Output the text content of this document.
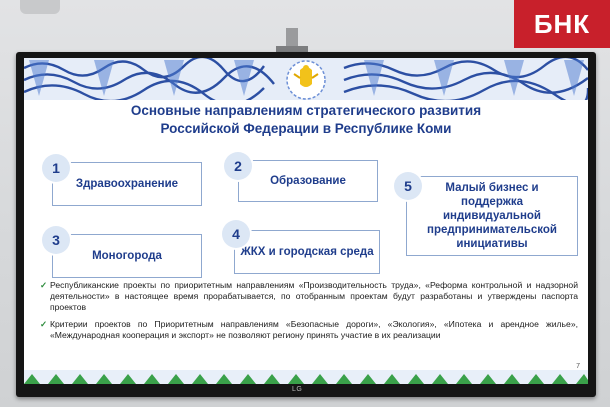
БНК
Основные направлениям стратегического развития
Российской Федерации в Республике Коми
Здравоохранение
1
Образование
2
Моногорода
3
ЖКХ и городская среда
4
Малый бизнес и поддержка индивидуальной предпринимательской инициативы
5

✓ Республиканские проекты по приоритетным направлениям «Производительность труда», «Реформа контрольной и надзорной деятельности» в настоящее время прорабатывается, по отобранным проектам будут разработаны и утверждены паспорта проектов

✓ Критерии проектов по Приоритетным направлениям «Безопасные дороги», «Экология», «Ипотека и арендное жилье», «Международная кооперация и экспорт» не позволяют региону принять участие в их реализации

7
LG
